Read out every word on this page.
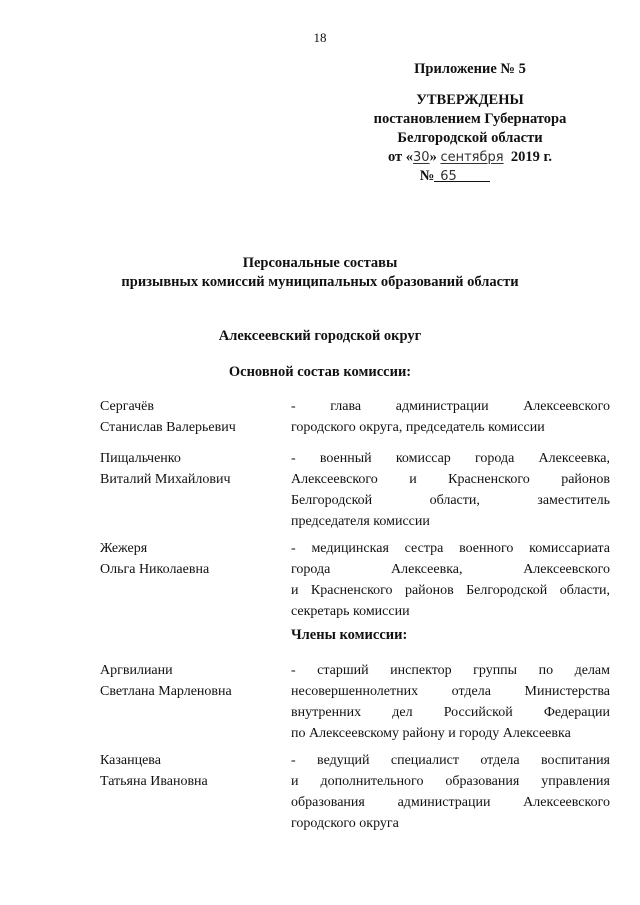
18
Приложение № 5
УТВЕРЖДЕНЫ
постановлением Губернатора
Белгородской области
от «30» сентября 2019 г.
№ 65
Персональные составы
призывных комиссий муниципальных образований области
Алексеевский городской округ
Основной состав комиссии:
Сергачёв
Станислав Валерьевич
- глава администрации Алексеевского
городского округа, председатель комиссии
Пищальченко
Виталий Михайлович
- военный комиссар города Алексеевка,
Алексеевского и Красненского районов
Белгородской области, заместитель
председателя комиссии
Жежеря
Ольга Николаевна
- медицинская сестра военного комиссариата
города Алексеевка, Алексеевского
и Красненского районов Белгородской области,
секретарь комиссии
Члены комиссии:
Аргвилиани
Светлана Марленовна
- старший инспектор группы по делам
несовершеннолетних отдела Министерства
внутренних дел Российской Федерации
по Алексеевскому району и городу Алексеевка
Казанцева
Татьяна Ивановна
- ведущий специалист отдела воспитания
и дополнительного образования управления
образования администрации Алексеевского
городского округа
